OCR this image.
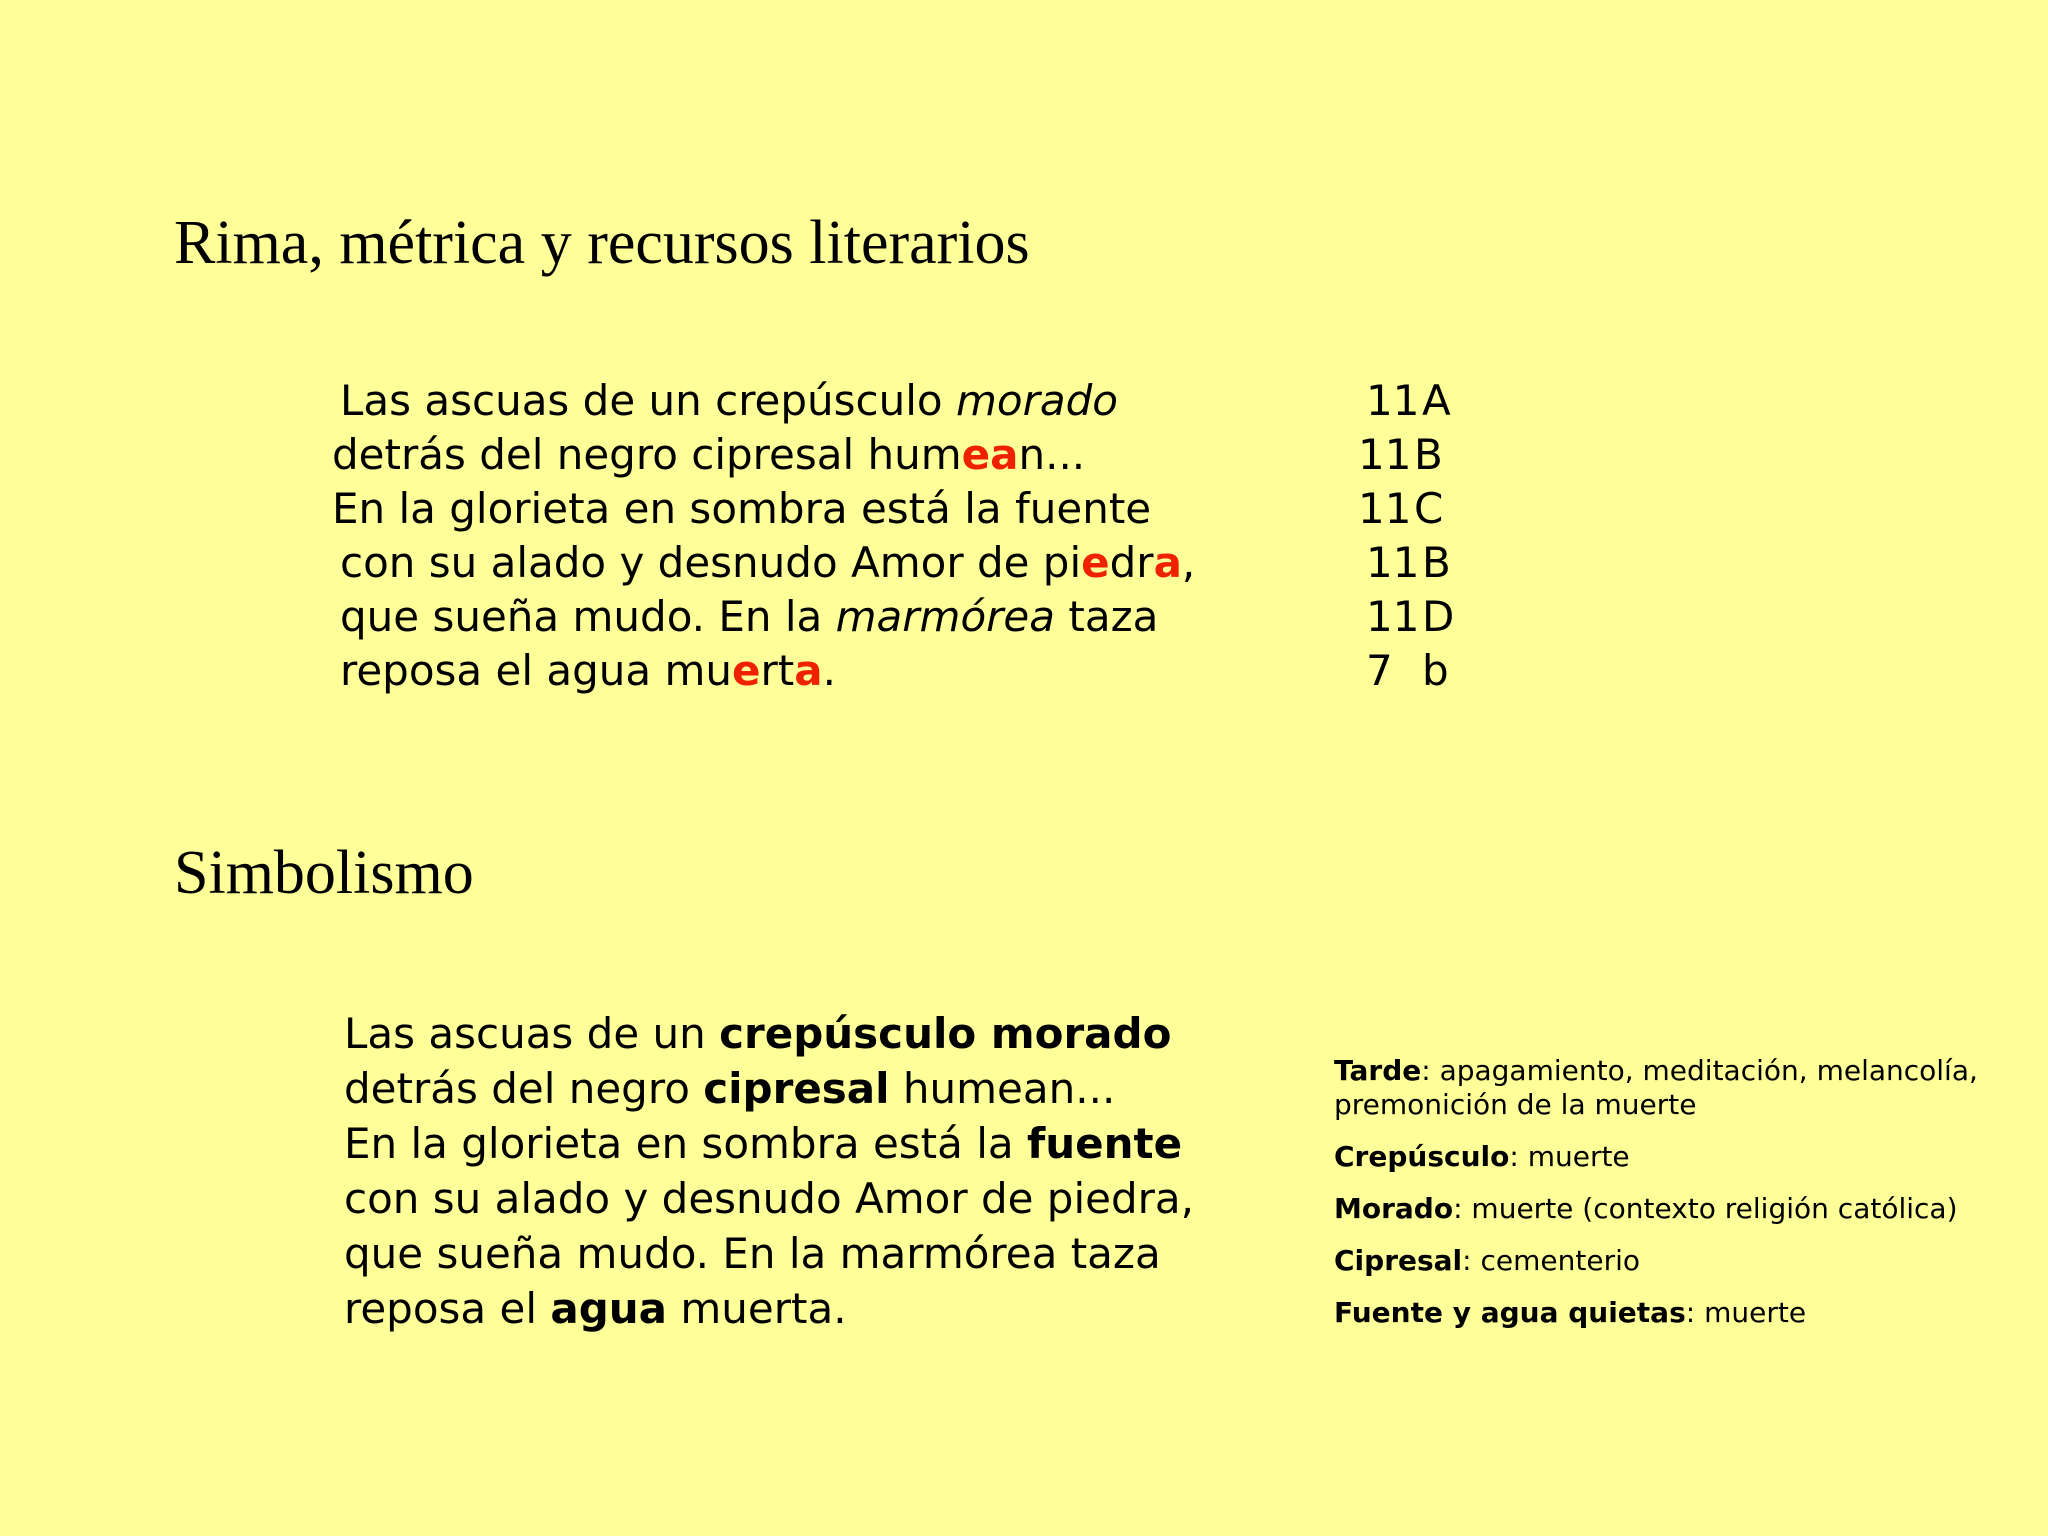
Rima, métrica y recursos literarios
Las ascuas de un crepúsculo morado
detrás del negro cipresal humean...
En la glorieta en sombra está la fuente
con su alado y desnudo Amor de piedra,
que sueña mudo. En la marmórea taza
reposa el agua muerta.
11A
11B
11C
11B
11D
7 b
Simbolismo
Las ascuas de un crepúsculo morado
detrás del negro cipresal humean...
En la glorieta en sombra está la fuente
con su alado y desnudo Amor de piedra,
que sueña mudo. En la marmórea taza
reposa el agua muerta.
Tarde: apagamiento, meditación, melancolía, premonición de la muerte
Crepúsculo: muerte
Morado: muerte (contexto religión católica)
Cipresal: cementerio
Fuente y agua quietas: muerte
